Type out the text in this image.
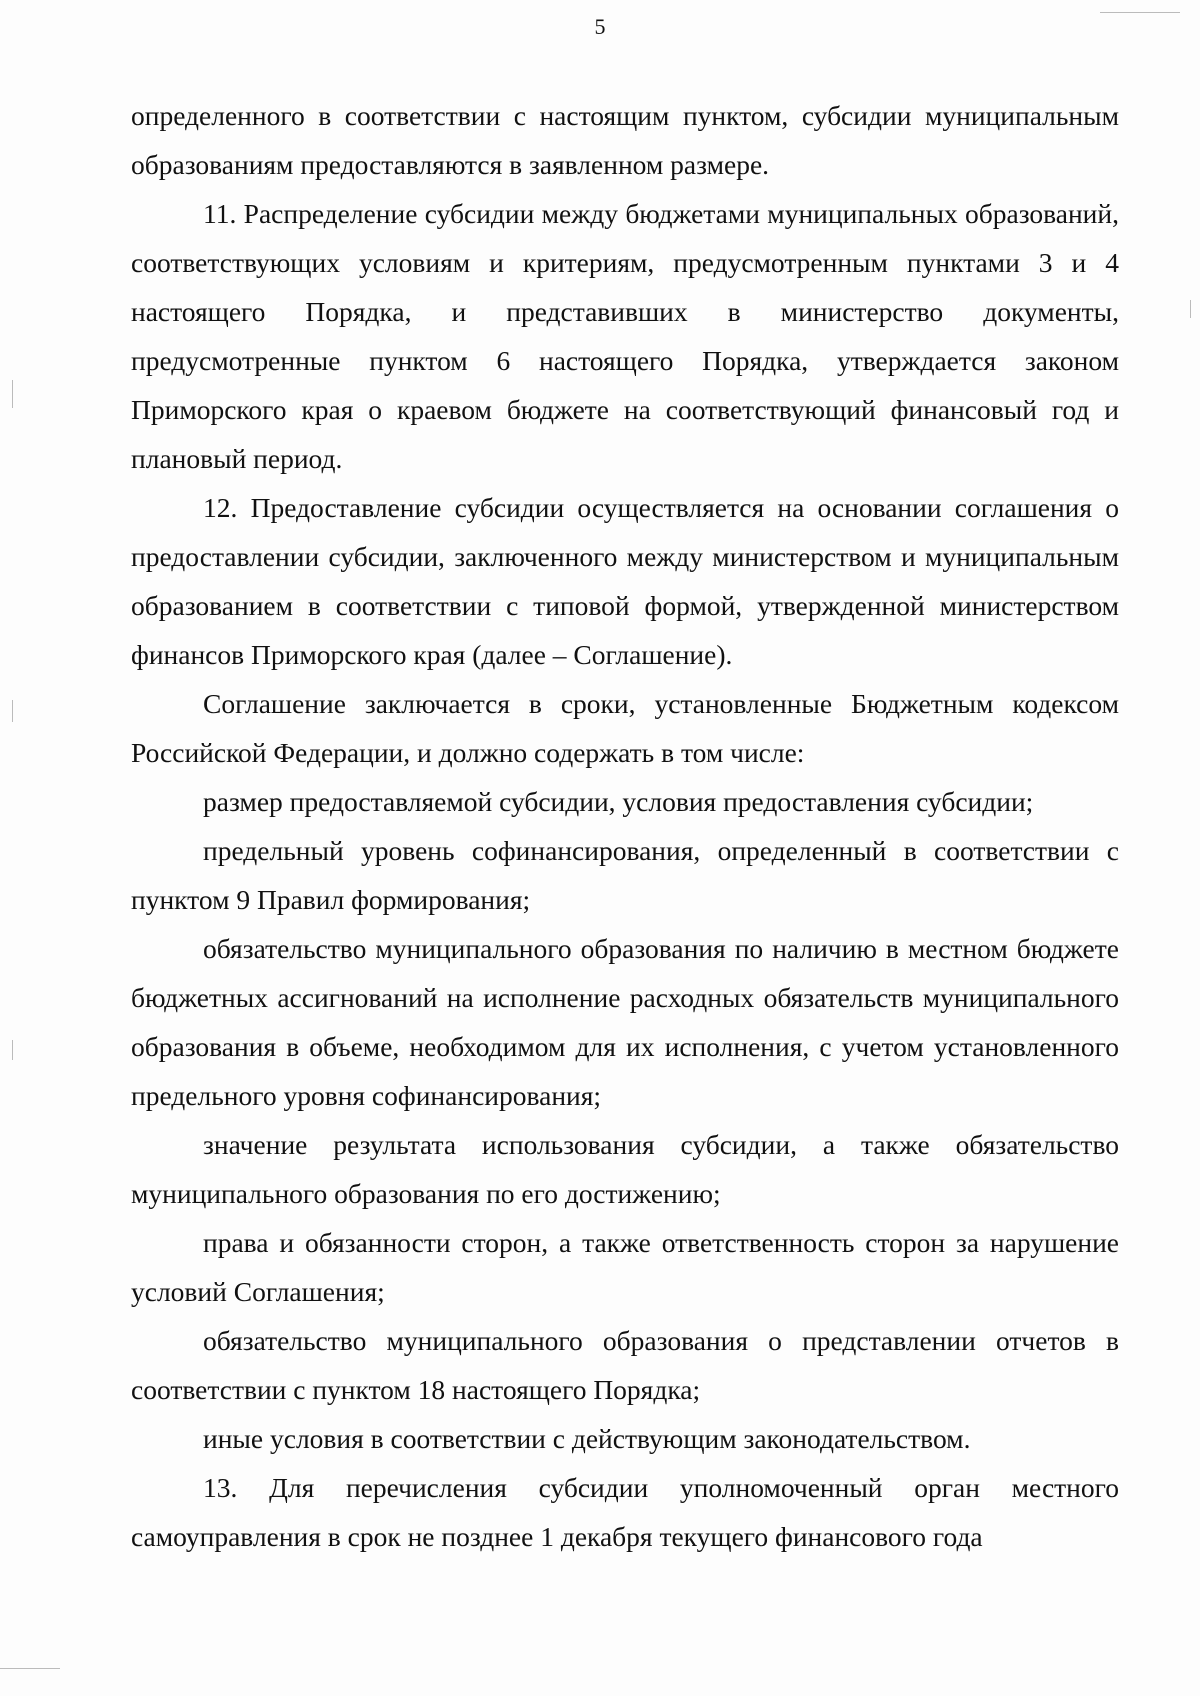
5

определенного в соответствии с настоящим пунктом, субсидии муниципальным образованиям предоставляются в заявленном размере.

11. Распределение субсидии между бюджетами муниципальных образований, соответствующих условиям и критериям, предусмотренным пунктами 3 и 4 настоящего Порядка, и представивших в министерство документы, предусмотренные пунктом 6 настоящего Порядка, утверждается законом Приморского края о краевом бюджете на соответствующий финансовый год и плановый период.

12. Предоставление субсидии осуществляется на основании соглашения о предоставлении субсидии, заключенного между министерством и муниципальным образованием в соответствии с типовой формой, утвержденной министерством финансов Приморского края (далее – Соглашение).

Соглашение заключается в сроки, установленные Бюджетным кодексом Российской Федерации, и должно содержать в том числе:

размер предоставляемой субсидии, условия предоставления субсидии;

предельный уровень софинансирования, определенный в соответствии с пунктом 9 Правил формирования;

обязательство муниципального образования по наличию в местном бюджете бюджетных ассигнований на исполнение расходных обязательств муниципального образования в объеме, необходимом для их исполнения, с учетом установленного предельного уровня софинансирования;

значение результата использования субсидии, а также обязательство муниципального образования по его достижению;

права и обязанности сторон, а также ответственность сторон за нарушение условий Соглашения;

обязательство муниципального образования о представлении отчетов в соответствии с пунктом 18 настоящего Порядка;

иные условия в соответствии с действующим законодательством.

13. Для перечисления субсидии уполномоченный орган местного самоуправления в срок не позднее 1 декабря текущего финансового года
